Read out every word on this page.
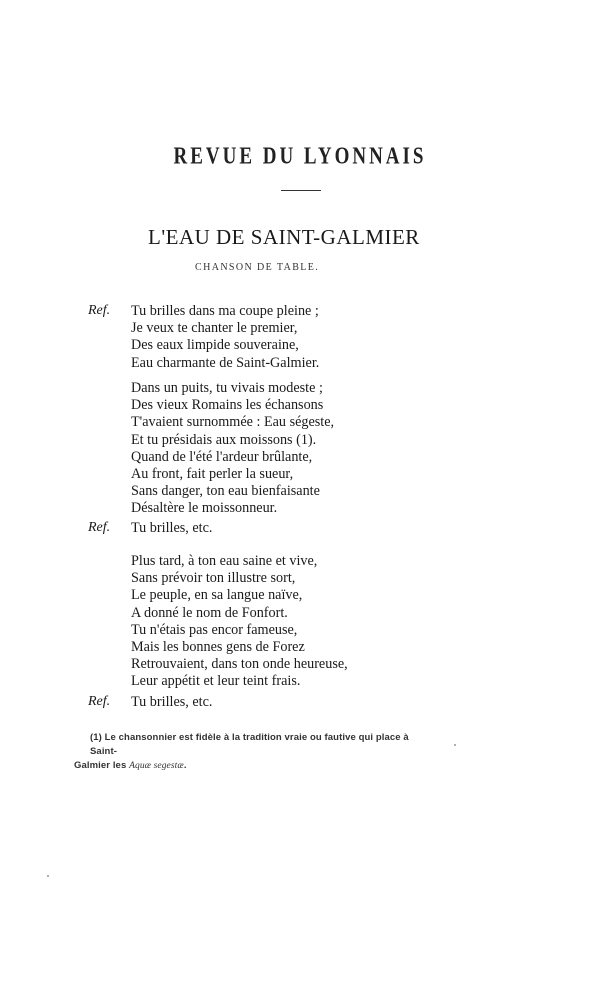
REVUE DU LYONNAIS
L'EAU DE SAINT-GALMIER
CHANSON DE TABLE.
Ref. Tu brilles dans ma coupe pleine ;
Je veux te chanter le premier,
Des eaux limpide souveraine,
Eau charmante de Saint-Galmier.
Dans un puits, tu vivais modeste ;
Des vieux Romains les échansons
T'avaient surnommée : Eau ségeste,
Et tu présidais aux moissons (1).
Quand de l'été l'ardeur brûlante,
Au front, fait perler la sueur,
Sans danger, ton eau bienfaisante
Désaltère le moissonneur.
Ref. Tu brilles, etc.
Plus tard, à ton eau saine et vive,
Sans prévoir ton illustre sort,
Le peuple, en sa langue naïve,
A donné le nom de Fonfort.
Tu n'étais pas encor fameuse,
Mais les bonnes gens de Forez
Retrouvaient, dans ton onde heureuse,
Leur appétit et leur teint frais.
Ref. Tu brilles, etc.
(1) Le chansonnier est fidèle à la tradition vraie ou fautive qui place à Saint-
Galmier les Aquæ segestæ.
